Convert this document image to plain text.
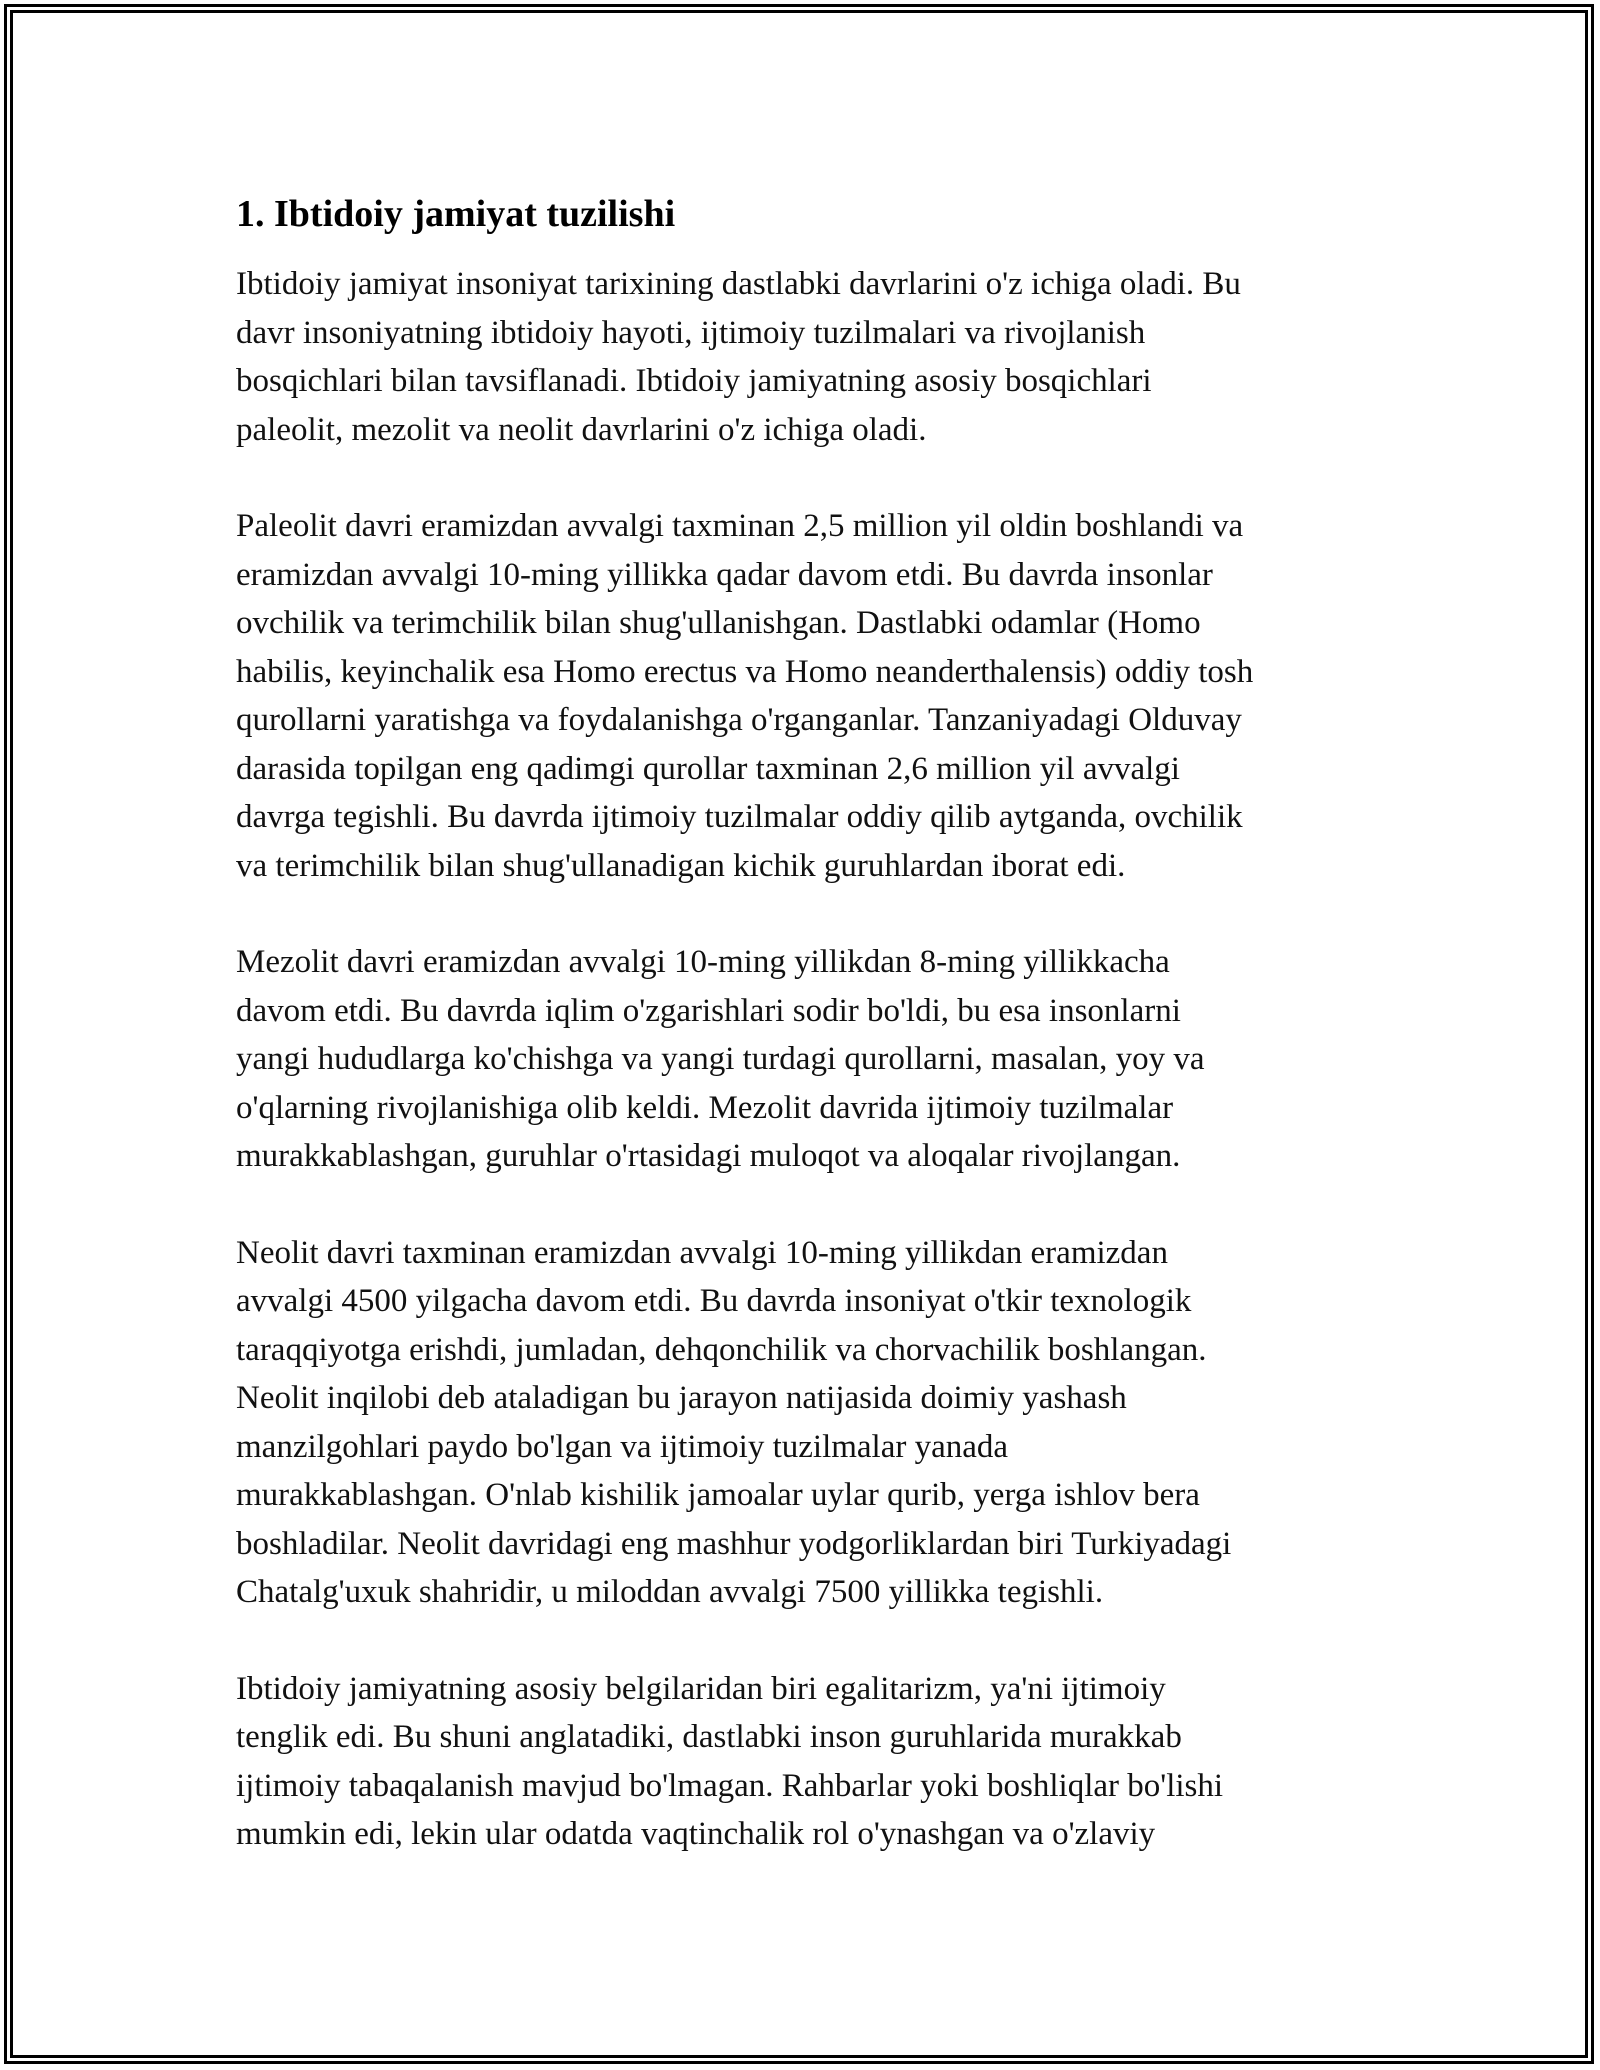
1. Ibtidoiy jamiyat tuzilishi
Ibtidoiy jamiyat insoniyat tarixining dastlabki davrlarini o'z ichiga oladi. Bu
davr insoniyatning ibtidoiy hayoti, ijtimoiy tuzilmalari va rivojlanish
bosqichlari bilan tavsiflanadi. Ibtidoiy jamiyatning asosiy bosqichlari
paleolit, mezolit va neolit davrlarini o'z ichiga oladi.
Paleolit davri eramizdan avvalgi taxminan 2,5 million yil oldin boshlandi va
eramizdan avvalgi 10-ming yillikka qadar davom etdi. Bu davrda insonlar
ovchilik va terimchilik bilan shug'ullanishgan. Dastlabki odamlar (Homo
habilis, keyinchalik esa Homo erectus va Homo neanderthalensis) oddiy tosh
qurollarni yaratishga va foydalanishga o'rganganlar. Tanzaniyadagi Olduvay
darasida topilgan eng qadimgi qurollar taxminan 2,6 million yil avvalgi
davrga tegishli. Bu davrda ijtimoiy tuzilmalar oddiy qilib aytganda, ovchilik
va terimchilik bilan shug'ullanadigan kichik guruhlardan iborat edi.
Mezolit davri eramizdan avvalgi 10-ming yillikdan 8-ming yillikkacha
davom etdi. Bu davrda iqlim o'zgarishlari sodir bo'ldi, bu esa insonlarni
yangi hududlarga ko'chishga va yangi turdagi qurollarni, masalan, yoy va
o'qlarning rivojlanishiga olib keldi. Mezolit davrida ijtimoiy tuzilmalar
murakkablashgan, guruhlar o'rtasidagi muloqot va aloqalar rivojlangan.
Neolit davri taxminan eramizdan avvalgi 10-ming yillikdan eramizdan
avvalgi 4500 yilgacha davom etdi. Bu davrda insoniyat o'tkir texnologik
taraqqiyotga erishdi, jumladan, dehqonchilik va chorvachilik boshlangan.
Neolit inqilobi deb ataladigan bu jarayon natijasida doimiy yashash
manzilgohlari paydo bo'lgan va ijtimoiy tuzilmalar yanada
murakkablashgan. O'nlab kishilik jamoalar uylar qurib, yerga ishlov bera
boshladilar. Neolit davridagi eng mashhur yodgorliklardan biri Turkiyadagi
Chatalg'uxuk shahridir, u miloddan avvalgi 7500 yillikka tegishli.
Ibtidoiy jamiyatning asosiy belgilaridan biri egalitarizm, ya'ni ijtimoiy
tenglik edi. Bu shuni anglatadiki, dastlabki inson guruhlarida murakkab
ijtimoiy tabaqalanish mavjud bo'lmagan. Rahbarlar yoki boshliqlar bo'lishi
mumkin edi, lekin ular odatda vaqtinchalik rol o'ynashgan va o'zlaviy
